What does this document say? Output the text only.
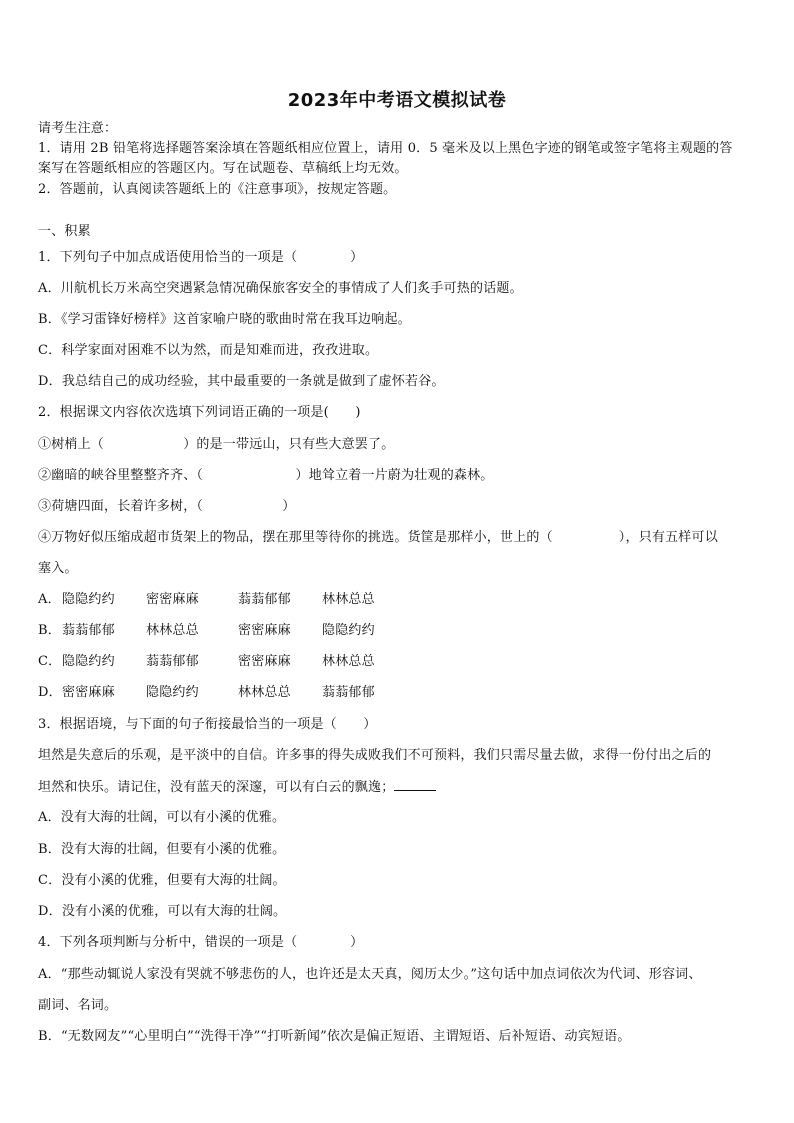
2023年中考语文模拟试卷
请考生注意：
1．请用 2B 铅笔将选择题答案涂填在答题纸相应位置上，请用 0．5 毫米及以上黑色字迹的钢笔或签字笔将主观题的答
案写在答题纸相应的答题区内。写在试题卷、草稿纸上均无效。
2．答题前，认真阅读答题纸上的《注意事项》，按规定答题。
一、积累
1．下列句子中加点成语使用恰当的一项是（　　　　）
A．川航机长万米高空突遇紧急情况确保旅客安全的事情成了人们炙手可热的话题。
B．《学习雷锋好榜样》这首家喻户晓的歌曲时常在我耳边响起。
C．科学家面对困难不以为然，而是知难而进，孜孜进取。
D．我总结自己的成功经验，其中最重要的一条就是做到了虚怀若谷。
2．根据课文内容依次选填下列词语正确的一项是(　　)
①树梢上（　　　　　　）的是一带远山，只有些大意罢了。
②幽暗的峡谷里整整齐齐、（　　　　　　　）地耸立着一片蔚为壮观的森林。
③荷塘四面，长着许多树，（　　　　　　）
④万物好似压缩成超市货架上的物品，摆在那里等待你的挑选。货筐是那样小，世上的（　　　　　），只有五样可以
塞入。
A．隐隐约约 密密麻麻	蓊蓊郁郁 林林总总
B．蓊蓊郁郁 林林总总	密密麻麻 隐隐约约
C．隐隐约约 蓊蓊郁郁	密密麻麻 林林总总
D．密密麻麻 隐隐约约	林林总总 蓊蓊郁郁
3．根据语境，与下面的句子衔接最恰当的一项是（　　）
坦然是失意后的乐观，是平淡中的自信。许多事的得失成败我们不可预料，我们只需尽量去做，求得一份付出之后的
坦然和快乐。请记住，没有蓝天的深邃，可以有白云的飘逸；
A．没有大海的壮阔，可以有小溪的优雅。
B．没有大海的壮阔，但要有小溪的优雅。
C．没有小溪的优雅，但要有大海的壮阔。
D．没有小溪的优雅，可以有大海的壮阔。
4．下列各项判断与分析中，错误的一项是（　　　　）
A．“那些动辄说人家没有哭就不够悲伤的人，也许还是太天真，阅历太少。”这句话中加点词依次为代词、形容词、
副词、名词。
B．“无数网友”“心里明白”“洗得干净”“打听新闻”依次是偏正短语、主谓短语、后补短语、动宾短语。
